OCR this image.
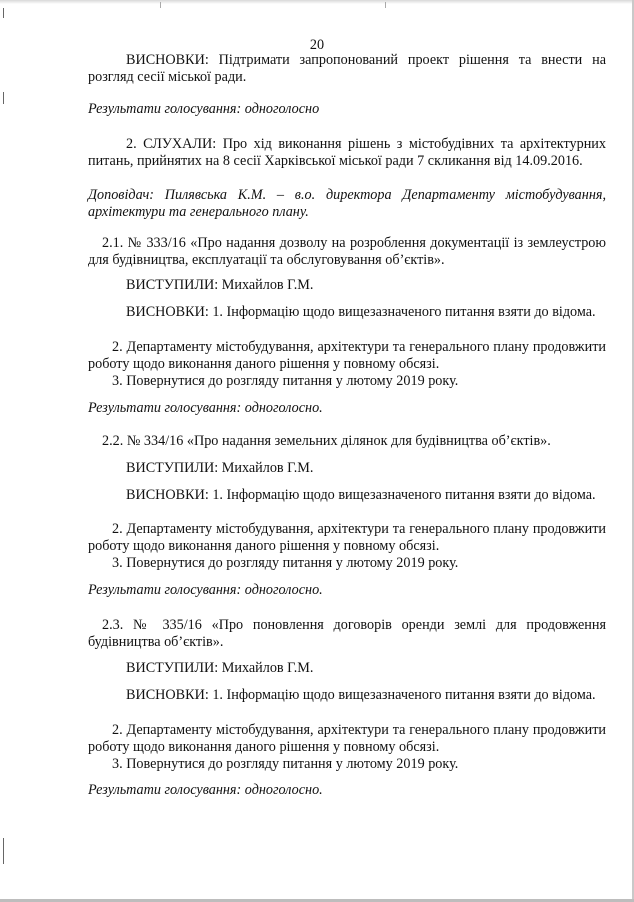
20

ВИСНОВКИ: Підтримати запропонований проект рішення та внести на розгляд сесії міської ради.

Результати голосування: одноголосно

2. СЛУХАЛИ: Про хід виконання рішень з містобудівних та архітектурних питань, прийнятих на 8 сесії Харківської міської ради 7 скликання від 14.09.2016.

Доповідач: Пилявська К.М. – в.о. директора Департаменту містобудування, архітектури та генерального плану.

2.1. № 333/16 «Про надання дозволу на розроблення документації із землеустрою для будівництва, експлуатації та обслуговування об’єктів».

ВИСТУПИЛИ: Михайлов Г.М.

ВИСНОВКИ: 1. Інформацію щодо вищезазначеного питання взяти до відома.

2. Департаменту містобудування, архітектури та генерального плану продовжити роботу щодо виконання даного рішення у повному обсязі.

3. Повернутися до розгляду питання у лютому 2019 року.

Результати голосування: одноголосно.

2.2. № 334/16 «Про надання земельних ділянок для будівництва об’єктів».

ВИСТУПИЛИ: Михайлов Г.М.

ВИСНОВКИ: 1. Інформацію щодо вищезазначеного питання взяти до відома.

2. Департаменту містобудування, архітектури та генерального плану продовжити роботу щодо виконання даного рішення у повному обсязі.

3. Повернутися до розгляду питання у лютому 2019 року.

Результати голосування: одноголосно.

2.3. № 335/16 «Про поновлення договорів оренди землі для продовження будівництва об’єктів».

ВИСТУПИЛИ: Михайлов Г.М.

ВИСНОВКИ: 1. Інформацію щодо вищезазначеного питання взяти до відома.

2. Департаменту містобудування, архітектури та генерального плану продовжити роботу щодо виконання даного рішення у повному обсязі.

3. Повернутися до розгляду питання у лютому 2019 року.

Результати голосування: одноголосно.
